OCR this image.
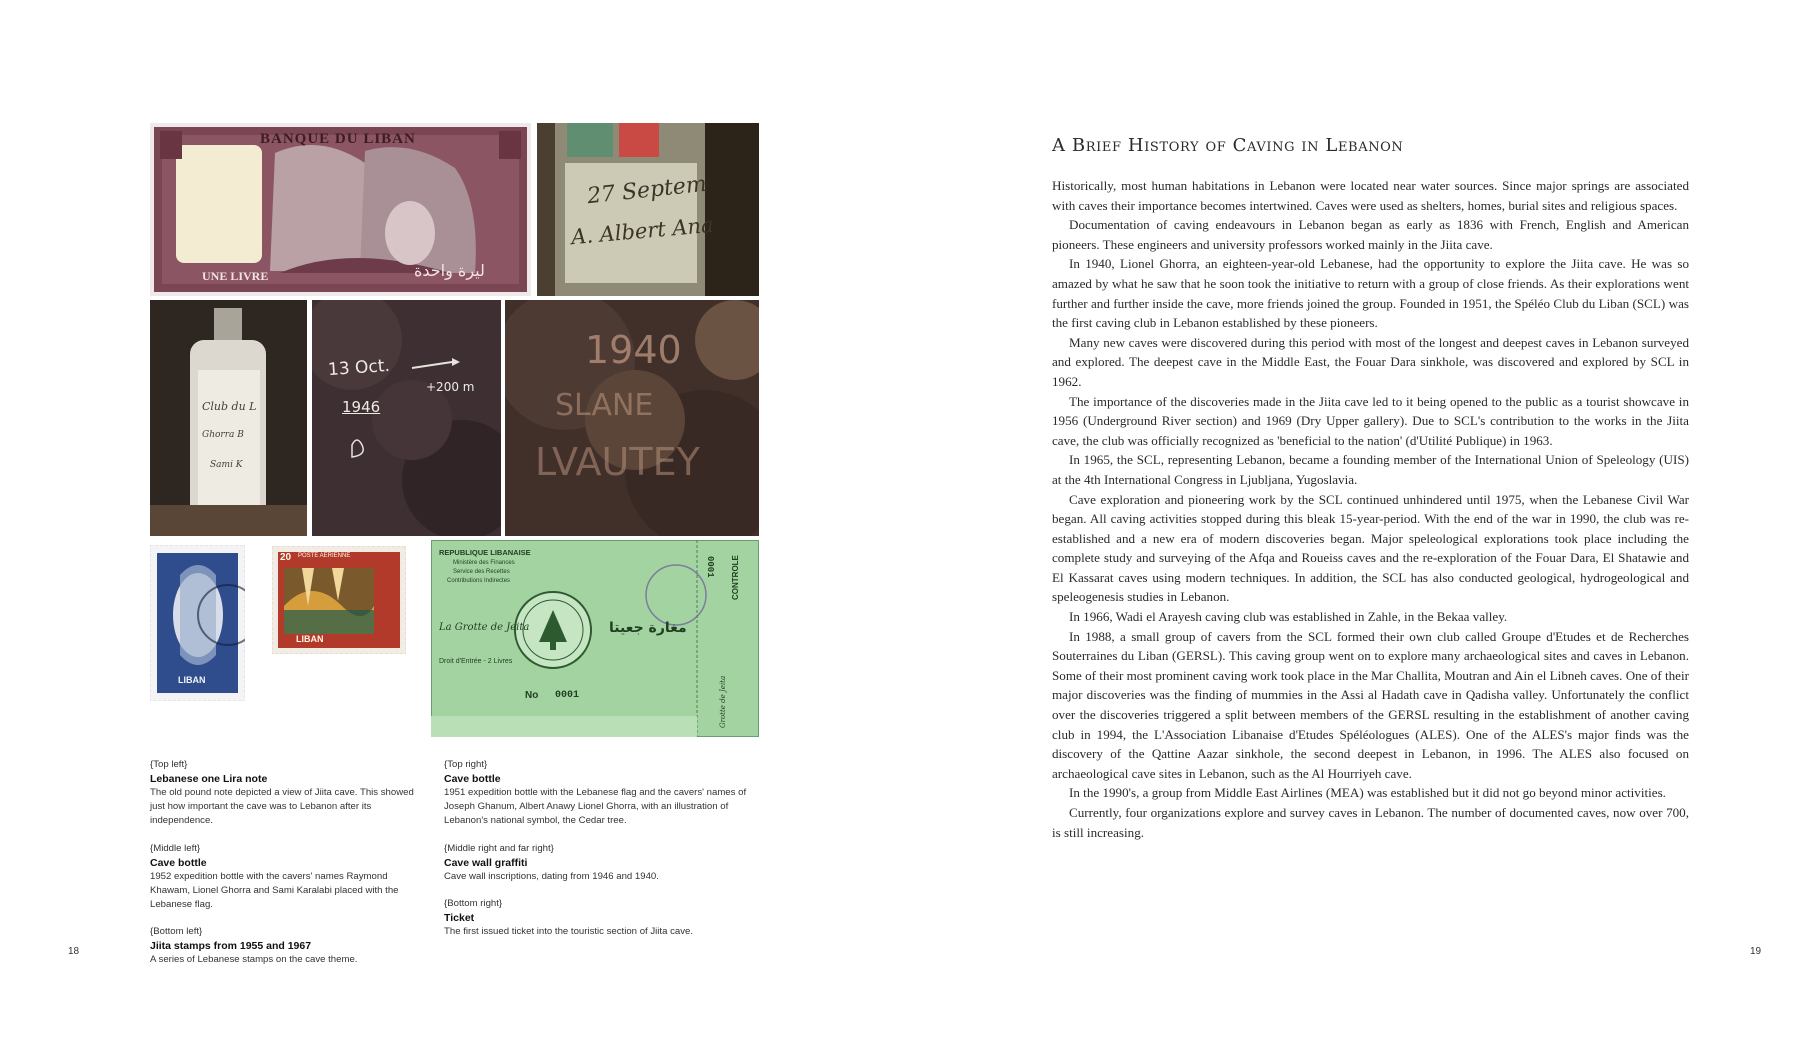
BANQUE DU LIBAN
UNE LIVRE	ليرة واحدة
27 Septem
A. Albert Ana
Club du L
Ghorra B
Sami K
13 Oct.
+200 m
1946
1940
SLANE
LVAUTEY
LIBAN
20 POSTE AERIENNE
LIBAN
REPUBLIQUE LIBANAISE
Ministère des Finances
Service des Recettes
Contributions Indirectes
La Grotte de Jeita	مغارة جعيتا
Droit d'Entrée - 2 Livres
No 0001
0001 CONTROLE
Grotte de Jeita
{Top left}
Lebanese one Lira note
The old pound note depicted a view of Jiita cave. This showed just how important the cave was to Lebanon after its independence.
{Middle left}
Cave bottle
1952 expedition bottle with the cavers' names Raymond Khawam, Lionel Ghorra and Sami Karalabi placed with the Lebanese flag.
{Bottom left}
Jiita stamps from 1955 and 1967
A series of Lebanese stamps on the cave theme.
{Top right}
Cave bottle
1951 expedition bottle with the Lebanese flag and the cavers' names of Joseph Ghanum, Albert Anawy Lionel Ghorra, with an illustration of Lebanon's national symbol, the Cedar tree.
{Middle right and far right}
Cave wall graffiti
Cave wall inscriptions, dating from 1946 and 1940.
{Bottom right}
Ticket
The first issued ticket into the touristic section of Jiita cave.
18
A Brief History of Caving in Lebanon

Historically, most human habitations in Lebanon were located near water sources. Since major springs are associated with caves their importance becomes intertwined. Caves were used as shelters, homes, burial sites and religious spaces.

Documentation of caving endeavours in Lebanon began as early as 1836 with French, English and American pioneers. These engineers and university professors worked mainly in the Jiita cave.

In 1940, Lionel Ghorra, an eighteen-year-old Lebanese, had the opportunity to explore the Jiita cave. He was so amazed by what he saw that he soon took the initiative to return with a group of close friends. As their explorations went further and further inside the cave, more friends joined the group. Founded in 1951, the Spéléo Club du Liban (SCL) was the first caving club in Lebanon established by these pioneers.

Many new caves were discovered during this period with most of the longest and deepest caves in Lebanon surveyed and explored. The deepest cave in the Middle East, the Fouar Dara sinkhole, was discovered and explored by SCL in 1962.

The importance of the discoveries made in the Jiita cave led to it being opened to the public as a tourist showcave in 1956 (Underground River section) and 1969 (Dry Upper gallery). Due to SCL's contribution to the works in the Jiita cave, the club was officially recognized as 'beneficial to the nation' (d'Utilité Publique) in 1963.

In 1965, the SCL, representing Lebanon, became a founding member of the International Union of Speleology (UIS) at the 4th International Congress in Ljubljana, Yugoslavia.

Cave exploration and pioneering work by the SCL continued unhindered until 1975, when the Lebanese Civil War began. All caving activities stopped during this bleak 15-year-period. With the end of the war in 1990, the club was re-established and a new era of modern discoveries began. Major speleological explorations took place including the complete study and surveying of the Afqa and Roueiss caves and the re-exploration of the Fouar Dara, El Shatawie and El Kassarat caves using modern techniques. In addition, the SCL has also conducted geological, hydrogeological and speleogenesis studies in Lebanon.

In 1966, Wadi el Arayesh caving club was established in Zahle, in the Bekaa valley.

In 1988, a small group of cavers from the SCL formed their own club called Groupe d'Etudes et de Recherches Souterraines du Liban (GERSL). This caving group went on to explore many archaeological sites and caves in Lebanon. Some of their most prominent caving work took place in the Mar Challita, Moutran and Ain el Libneh caves. One of their major discoveries was the finding of mummies in the Assi al Hadath cave in Qadisha valley. Unfortunately the conflict over the discoveries triggered a split between members of the GERSL resulting in the establishment of another caving club in 1994, the L'Association Libanaise d'Etudes Spéléologues (ALES). One of the ALES's major finds was the discovery of the Qattine Aazar sinkhole, the second deepest in Lebanon, in 1996. The ALES also focused on archaeological cave sites in Lebanon, such as the Al Hourriyeh cave.

In the 1990's, a group from Middle East Airlines (MEA) was established but it did not go beyond minor activities.

Currently, four organizations explore and survey caves in Lebanon. The number of documented caves, now over 700, is still increasing.

19
